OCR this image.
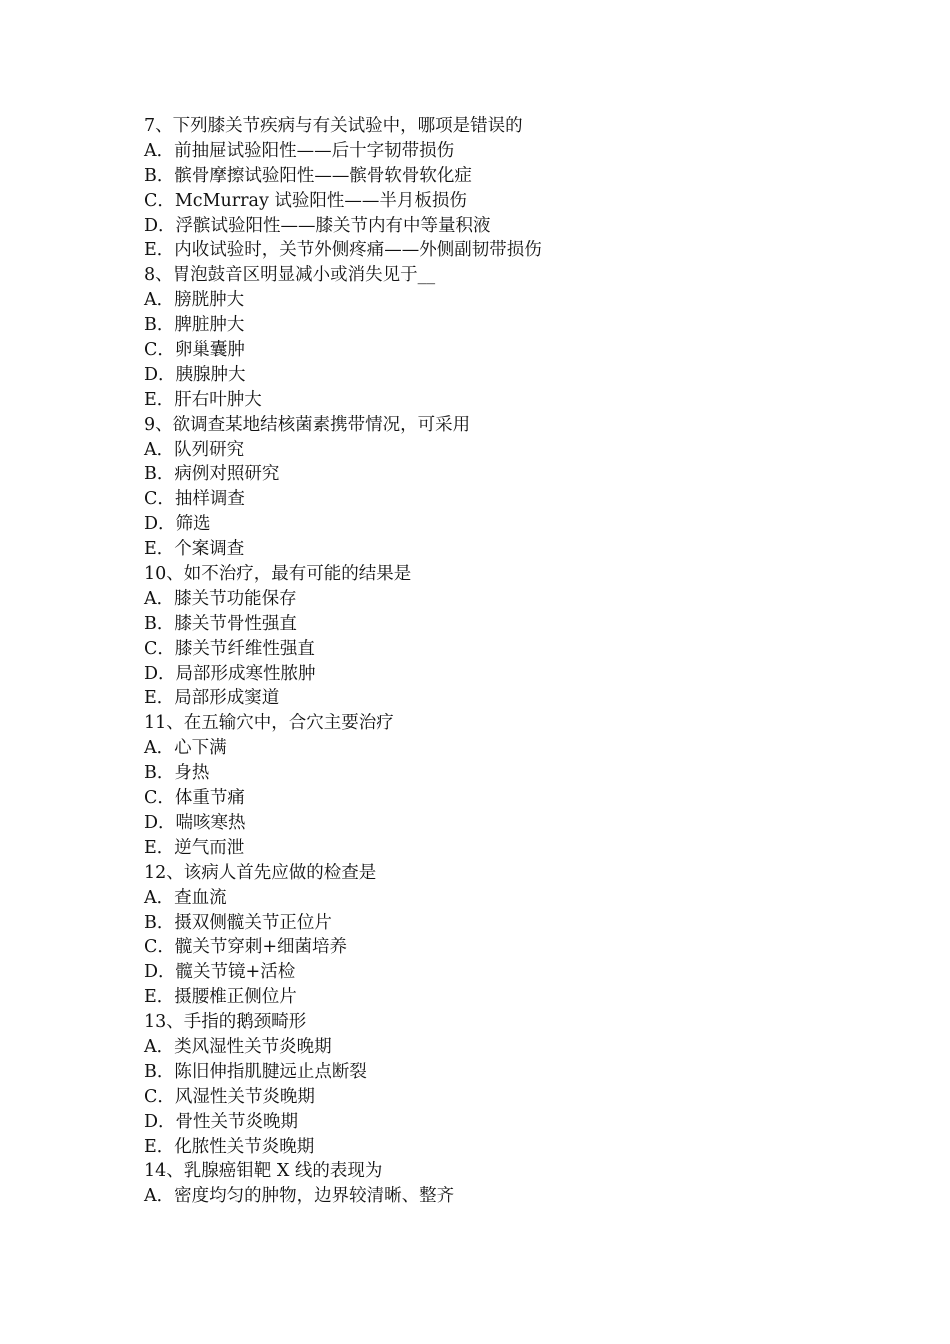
7、下列膝关节疾病与有关试验中，哪项是错误的
A．前抽屉试验阳性——后十字韧带损伤
B．髌骨摩擦试验阳性——髌骨软骨软化症
C．McMurray 试验阳性——半月板损伤
D．浮髌试验阳性——膝关节内有中等量积液
E．内收试验时，关节外侧疼痛——外侧副韧带损伤
8、胃泡鼓音区明显减小或消失见于__
A．膀胱肿大
B．脾脏肿大
C．卵巢囊肿
D．胰腺肿大
E．肝右叶肿大
9、欲调查某地结核菌素携带情况，可采用
A．队列研究
B．病例对照研究
C．抽样调查
D．筛选
E．个案调查
10、如不治疗，最有可能的结果是
A．膝关节功能保存
B．膝关节骨性强直
C．膝关节纤维性强直
D．局部形成寒性脓肿
E．局部形成窦道
11、在五输穴中，合穴主要治疗
A．心下满
B．身热
C．体重节痛
D．喘咳寒热
E．逆气而泄
12、该病人首先应做的检查是
A．查血流
B．摄双侧髋关节正位片
C．髋关节穿刺+细菌培养
D．髋关节镜+活检
E．摄腰椎正侧位片
13、手指的鹅颈畸形
A．类风湿性关节炎晚期
B．陈旧伸指肌腱远止点断裂
C．风湿性关节炎晚期
D．骨性关节炎晚期
E．化脓性关节炎晚期
14、乳腺癌钼靶 X 线的表现为
A．密度均匀的肿物，边界较清晰、整齐
